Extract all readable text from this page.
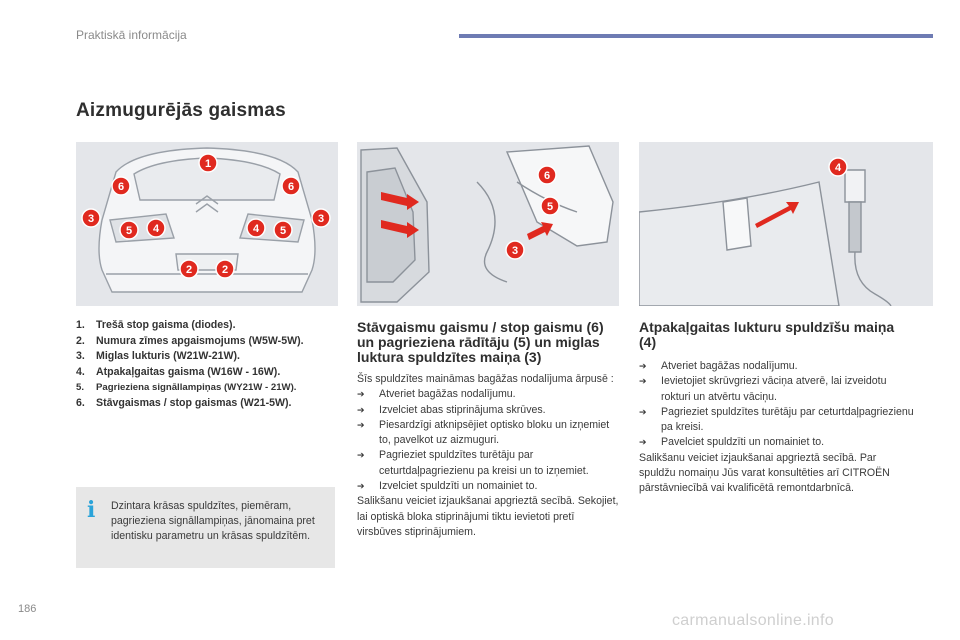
Praktiskā informācija
Aizmugurējās gaismas
1
6	6
3
5 4	4 5
3
2	2
6
5
3
4
1.	Trešā stop gaisma (diodes).
2.	Numura zīmes apgaismojums (W5W-5W).
3.	Miglas lukturis (W21W-21W).
4.	Atpakaļgaitas gaisma (W16W - 16W).
5.	Pagrieziena signāllampiņas (WY21W - 21W).
6.	Stāvgaismas / stop gaismas (W21-5W).
i Dzintara krāsas spuldzītes, piemēram, pagrieziena signāllampiņas, jānomaina pret identisku parametru un krāsas spuldzītēm.
Stāvgaismu gaismu / stop gaismu (6) un pagrieziena rādītāju (5) un miglas luktura spuldzītes maiņa (3)
Šīs spuldzītes maināmas bagāžas nodalījuma ārpusē :
➔	Atveriet bagāžas nodalījumu.
➔	Izvelciet abas stiprinājuma skrūves.
➔	Piesardzīgi atknipsējiet optisko bloku un izņemiet to, pavelkot uz aizmuguri.
➔	Pagrieziet spuldzītes turētāju par ceturtdaļpagriezienu pa kreisi un to izņemiet.
➔	Izvelciet spuldzīti un nomainiet to.
Salikšanu veiciet izjaukšanai apgrieztā secībā. Sekojiet, lai optiskā bloka stiprinājumi tiktu ievietoti pretī virsbūves stiprinājumiem.
Atpakaļgaitas lukturu spuldzīšu maiņa (4)
➔	Atveriet bagāžas nodalījumu.
➔	Ievietojiet skrūvgriezi vāciņa atverē, lai izveidotu rokturi un atvērtu vāciņu.
➔	Pagrieziet spuldzītes turētāju par ceturtdaļpagriezienu pa kreisi.
➔	Pavelciet spuldzīti un nomainiet to.
Salikšanu veiciet izjaukšanai apgrieztā secībā. Par spuldžu nomaiņu Jūs varat konsultēties arī CITROËN pārstāvniecībā vai kvalificētā remontdarbnīcā.
186
carmanualsonline.info
